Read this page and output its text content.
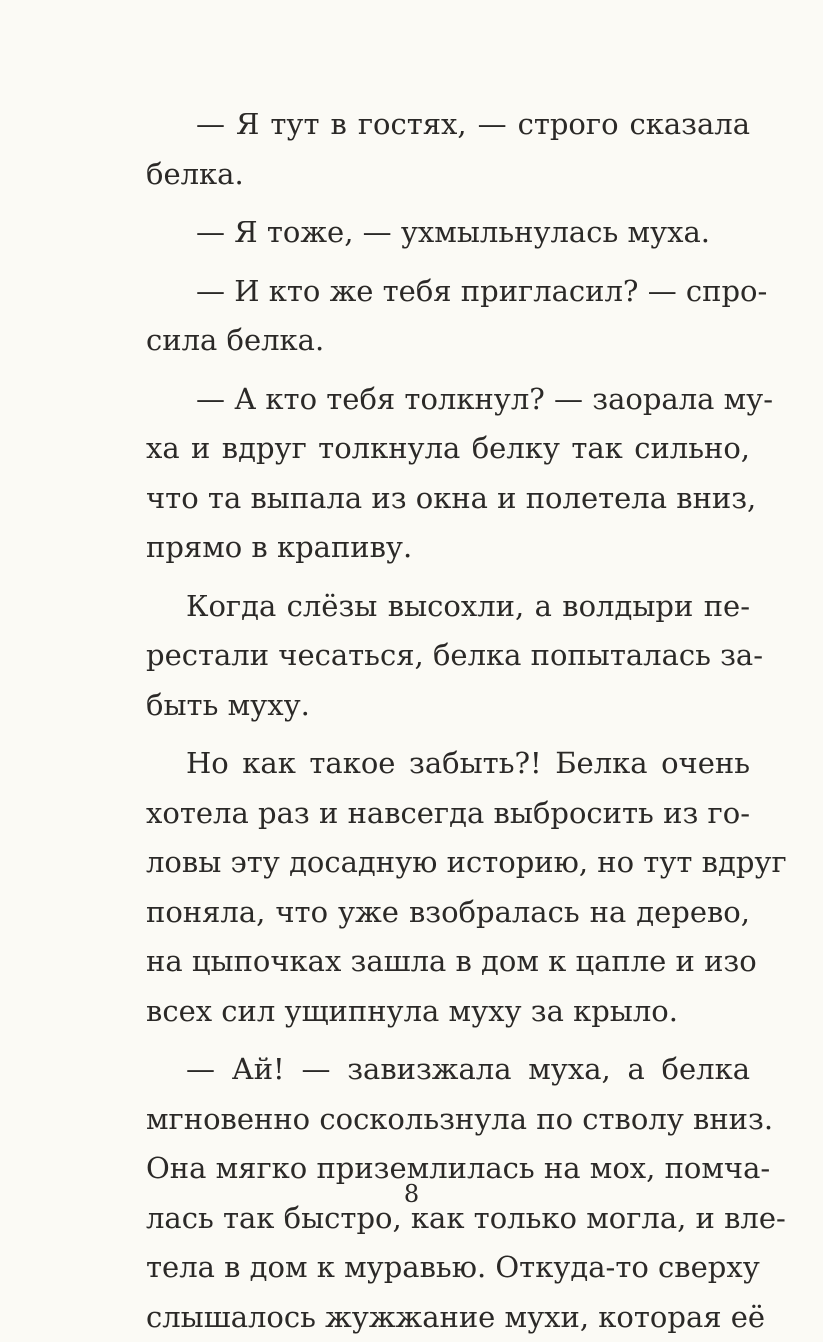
— Я тут в гостях, — строго сказала
белка.
— Я тоже, — ухмыльнулась муха.
— И кто же тебя пригласил? — спро-
сила белка.
— А кто тебя толкнул? — заорала му-
ха и вдруг толкнула белку так сильно,
что та выпала из окна и полетела вниз,
прямо в крапиву.
Когда слёзы высохли, а волдыри пе-
рестали чесаться, белка попыталась за-
быть муху.
Но как такое забыть?! Белка очень
хотела раз и навсегда выбросить из го-
ловы эту досадную историю, но тут вдруг
поняла, что уже взобралась на дерево,
на цыпочках зашла в дом к цапле и изо
всех сил ущипнула муху за крыло.
— Ай! — завизжала муха, а белка
мгновенно соскользнула по стволу вниз.
Она мягко приземлилась на мох, помча-
лась так быстро, как только могла, и вле-
тела в дом к муравью. Откуда-то сверху
слышалось жужжание мухи, которая её
8
